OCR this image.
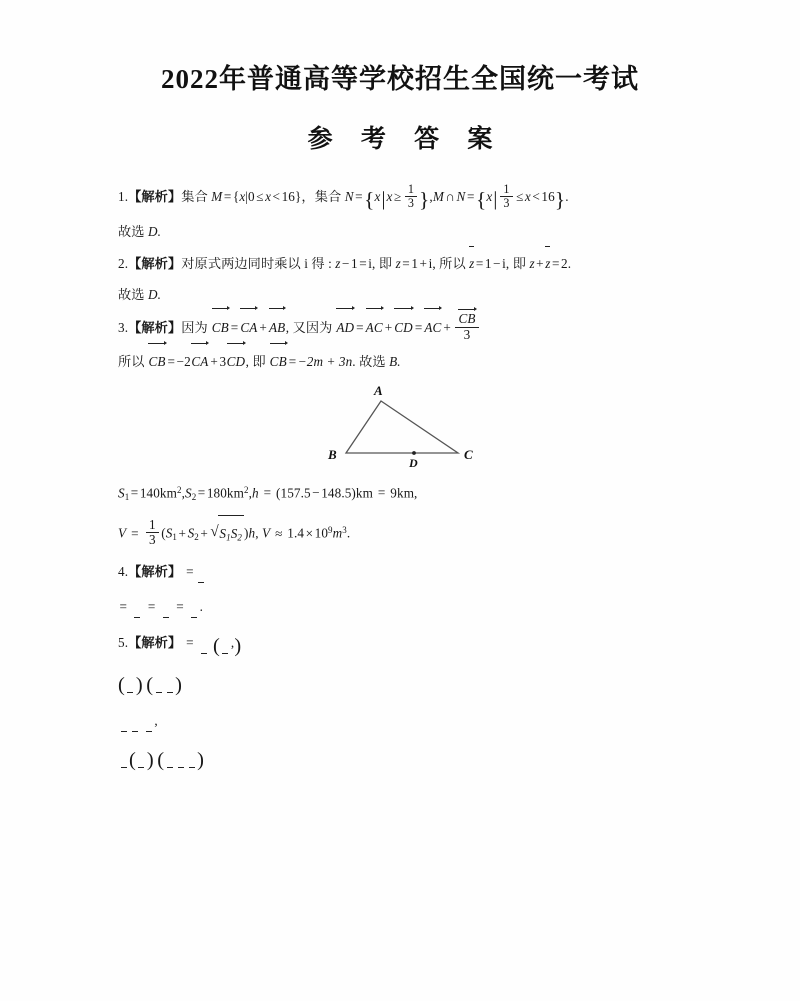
2022年普通高等学校招生全国统一考试
参 考 答 案
1.【解析】集合 M = {x|0 ≤ x < 16}，集合 $N =\{x|x \ge \frac{1}{3} \},M$ ∩ $N =\{x| \frac{1}{3} \le x < 16\}$.
故选 D.
2.【解析】对原式两边同时乘以 i 得 : z − 1 = i, 即 z = 1 + i, 所以 z = 1 − i, 即 z + z = 2.
故选 D.
3.【解析】因为 CB = CA + AB, 又因为 AD = AC + CD = AC + $\frac{CB}{3}$
所以 CB = −2CA + 3CD, 即 CB = −2m + 3n. 故选 B.
A
B	C
D
$S_1 = 140km^2,S_2 = 180km^2,h = (157.5 - 148.5)km = 9km$,
$V = \frac{1}{3} (S_1 + S_2$ + √ $S_1S_2$ )h, $V \approx 1.4 \times 10^9m^3$.
4.【解析】 =
= = = .
5.【解析】 = ( ,)
( ) ( )

,
( ) ( )
